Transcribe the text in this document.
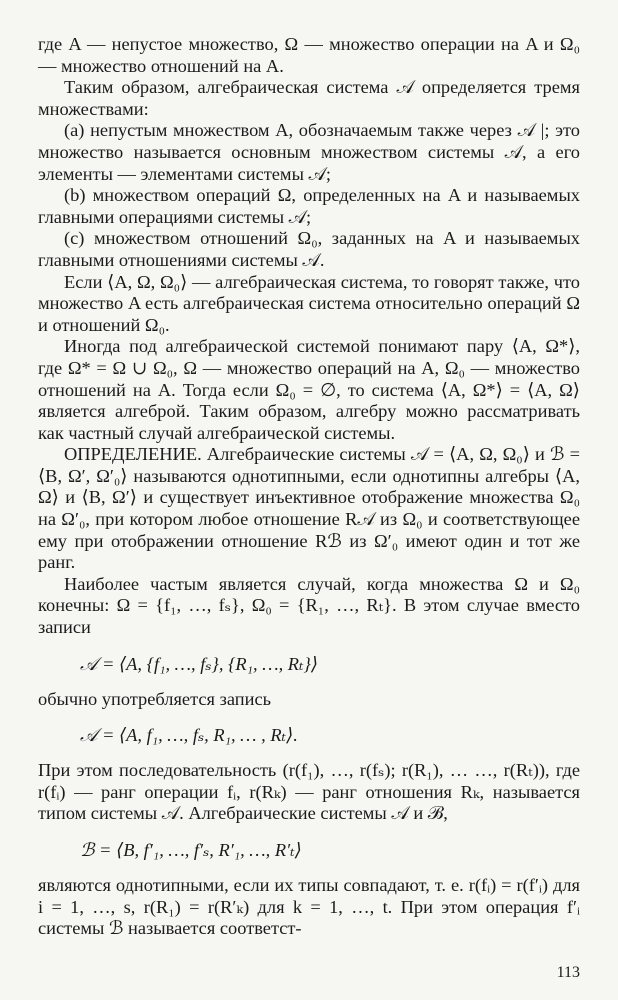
где A — непустое множество, Ω — множество операции на A и Ω₀ — множество отношений на A.

Таким образом, алгебраическая система 𝒜 определяется тремя множествами:

(a) непустым множеством A, обозначаемым также через 𝒜 |; это множество называется основным множеством системы 𝒜, а его элементы — элементами системы 𝒜;

(b) множеством операций Ω, определенных на A и называемых главными операциями системы 𝒜;

(c) множеством отношений Ω₀, заданных на A и называемых главными отношениями системы 𝒜.

Если ⟨A, Ω, Ω₀⟩ — алгебраическая система, то говорят также, что множество A есть алгебраическая система относительно операций Ω и отношений Ω₀.

Иногда под алгебраической системой понимают пару ⟨A, Ω*⟩, где Ω* = Ω ∪ Ω₀, Ω — множество операций на A, Ω₀ — множество отношений на A. Тогда если Ω₀ = ∅, то система ⟨A, Ω*⟩ = ⟨A, Ω⟩ является алгеброй. Таким образом, алгебру можно рассматривать как частный случай алгебраической системы.

ОПРЕДЕЛЕНИЕ. Алгебраические системы 𝒜 = ⟨A, Ω, Ω₀⟩ и ℬ = ⟨B, Ω′, Ω′₀⟩ называются однотипными, если однотипны алгебры ⟨A, Ω⟩ и ⟨B, Ω′⟩ и существует инъективное отображение множества Ω₀ на Ω′₀, при котором любое отношение R𝒜 из Ω₀ и соответствующее ему при отображении отношение Rℬ из Ω′₀ имеют один и тот же ранг.

Наиболее частым является случай, когда множества Ω и Ω₀ конечны: Ω = {f₁, …, fₛ}, Ω₀ = {R₁, …, Rₜ}. В этом случае вместо записи

𝒜 = ⟨A, {f₁, …, fₛ}, {R₁, …, Rₜ}⟩

обычно употребляется запись

𝒜 = ⟨A, f₁, …, fₛ, R₁, … , Rₜ⟩.

При этом последовательность (r(f₁), …, r(fₛ); r(R₁), … …, r(Rₜ)), где r(fᵢ) — ранг операции fᵢ, r(Rₖ) — ранг отношения Rₖ, называется типом системы 𝒜. Алгебраические системы 𝒜 и ℬ,

ℬ = ⟨B, f′₁, …, f′ₛ, R′₁, …, R′ₜ⟩

являются однотипными, если их типы совпадают, т. е. r(fᵢ) = r(f′ᵢ) для i = 1, …, s, r(R₁) = r(R′ₖ) для k = 1, …, t. При этом операция f′ᵢ системы ℬ называется соответст-

113
